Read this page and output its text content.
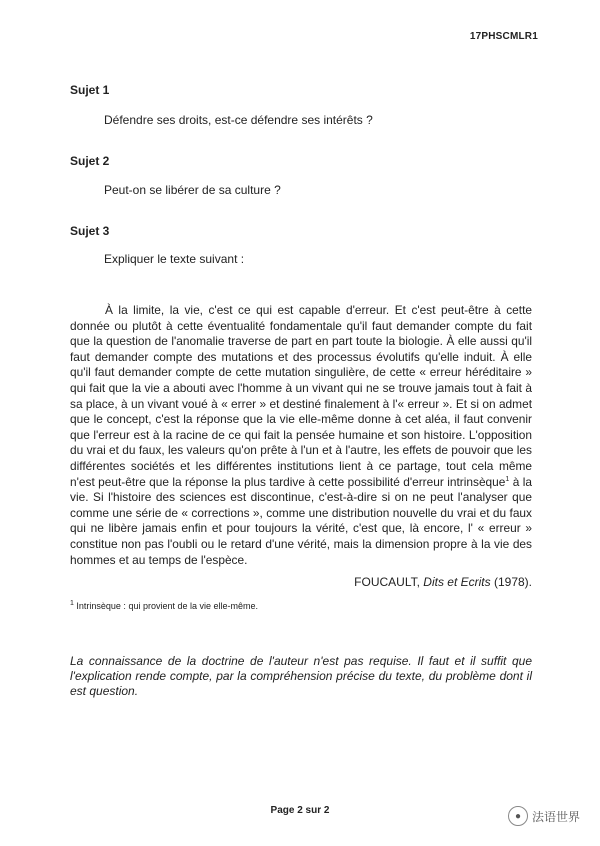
17PHSCMLR1
Sujet 1
Défendre ses droits, est-ce défendre ses intérêts ?
Sujet 2
Peut-on se libérer de sa culture ?
Sujet 3
Expliquer le texte suivant :

À la limite, la vie, c'est ce qui est capable d'erreur. Et c'est peut-être à cette donnée ou plutôt à cette éventualité fondamentale qu'il faut demander compte du fait que la question de l'anomalie traverse de part en part toute la biologie. À elle aussi qu'il faut demander compte des mutations et des processus évolutifs qu'elle induit. À elle qu'il faut demander compte de cette mutation singulière, de cette « erreur héréditaire » qui fait que la vie a abouti avec l'homme à un vivant qui ne se trouve jamais tout à fait à sa place, à un vivant voué à « errer » et destiné finalement à l'« erreur ». Et si on admet que le concept, c'est la réponse que la vie elle-même donne à cet aléa, il faut convenir que l'erreur est à la racine de ce qui fait la pensée humaine et son histoire. L'opposition du vrai et du faux, les valeurs qu'on prête à l'un et à l'autre, les effets de pouvoir que les différentes sociétés et les différentes institutions lient à ce partage, tout cela même n'est peut-être que la réponse la plus tardive à cette possibilité d'erreur intrinsèque$^1$ à la vie. Si l'histoire des sciences est discontinue, c'est-à-dire si on ne peut l'analyser que comme une série de « corrections », comme une distribution nouvelle du vrai et du faux qui ne libère jamais enfin et pour toujours la vérité, c'est que, là encore, l' « erreur » constitue non pas l'oubli ou le retard d'une vérité, mais la dimension propre à la vie des hommes et au temps de l'espèce.

FOUCAULT, Dits et Ecrits (1978).
$^1$ Intrinsèque : qui provient de la vie elle-même.
La connaissance de la doctrine de l'auteur n'est pas requise. Il faut et il suffit que l'explication rende compte, par la compréhension précise du texte, du problème dont il est question.
Page 2 sur 2	● 法语世界
